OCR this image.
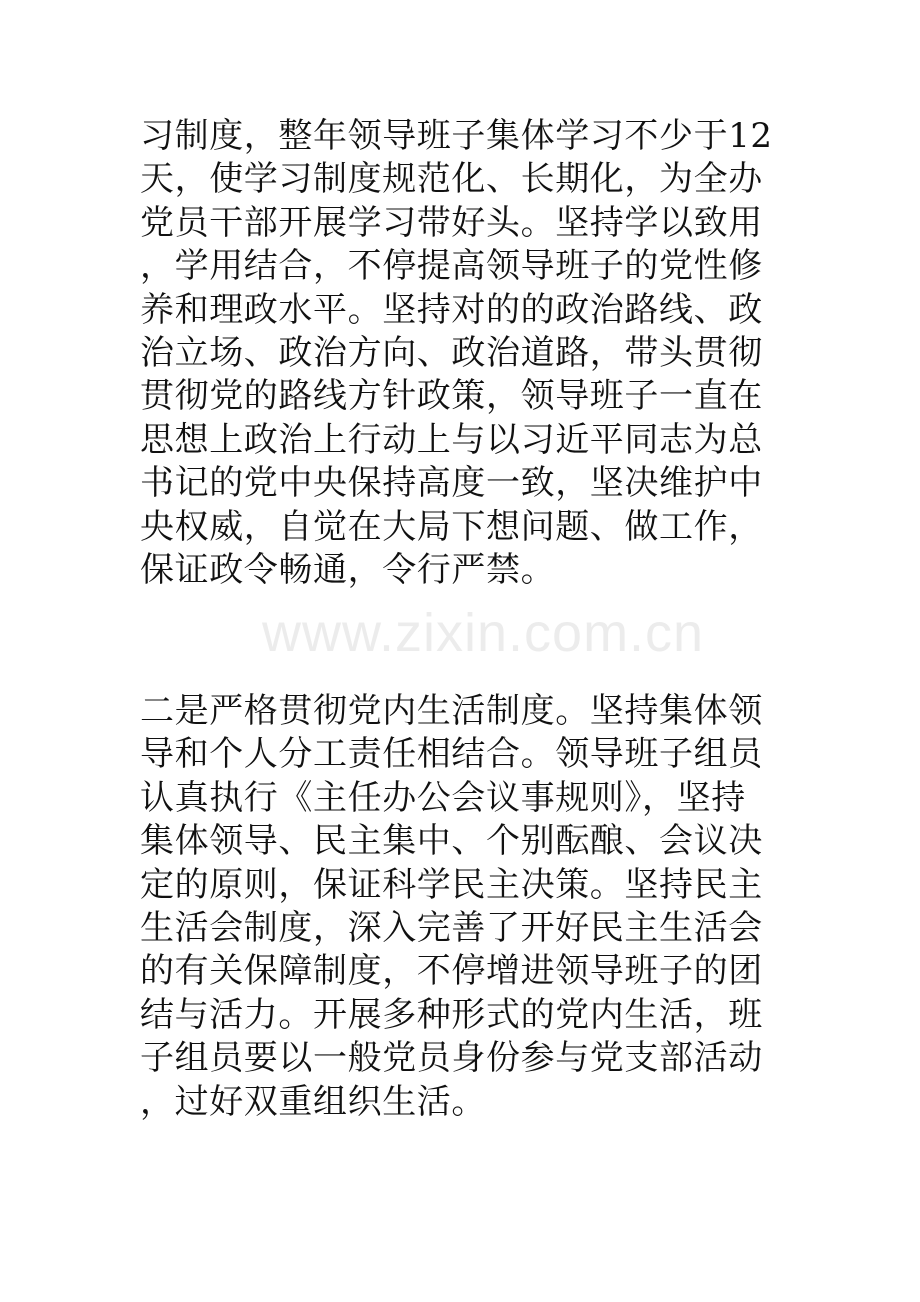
习制度，整年领导班子集体学习不少于12
天，使学习制度规范化、长期化，为全办
党员干部开展学习带好头。坚持学以致用
，学用结合，不停提高领导班子的党性修
养和理政水平。坚持对的的政治路线、政
治立场、政治方向、政治道路，带头贯彻
贯彻党的路线方针政策，领导班子一直在
思想上政治上行动上与以习近平同志为总
书记的党中央保持高度一致，坚决维护中
央权威，自觉在大局下想问题、做工作，
保证政令畅通，令行严禁。
www.zixin.com.cn
二是严格贯彻党内生活制度。坚持集体领
导和个人分工责任相结合。领导班子组员
认真执行《主任办公会议事规则》，坚持
集体领导、民主集中、个别酝酿、会议决
定的原则，保证科学民主决策。坚持民主
生活会制度，深入完善了开好民主生活会
的有关保障制度，不停增进领导班子的团
结与活力。开展多种形式的党内生活，班
子组员要以一般党员身份参与党支部活动
，过好双重组织生活。
